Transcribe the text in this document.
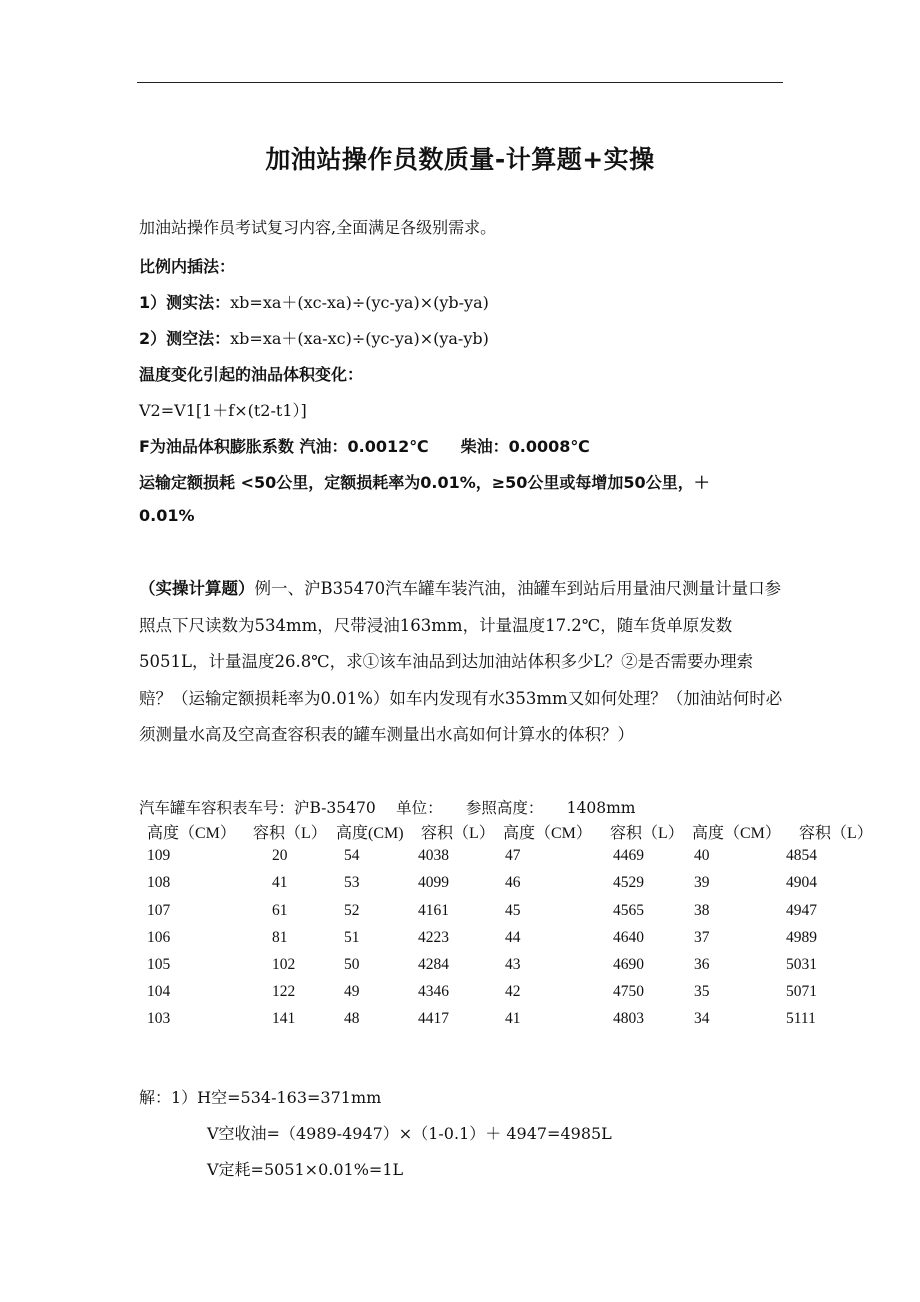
加油站操作员数质量-计算题+实操
加油站操作员考试复习内容,全面满足各级别需求。
比例内插法：
1）测实法：xb=xa＋(xc-xa)÷(yc-ya)×(yb-ya)
2）测空法：xb=xa＋(xa-xc)÷(yc-ya)×(ya-yb)
温度变化引起的油品体积变化：
V2=V1[1＋f×(t2-t1）]
F为油品体积膨胀系数 汽油：0.0012℃　　柴油：0.0008℃
运输定额损耗 <50公里，定额损耗率为0.01%，≥50公里或每增加50公里，＋
0.01%
（实操计算题）例一、沪B35470汽车罐车装汽油，油罐车到站后用量油尺测量计量口参照点下尺读数为534mm，尺带浸油163mm，计量温度17.2℃，随车货单原发数5051L，计量温度26.8℃，求①该车油品到达加油站体积多少L？②是否需要办理索赔？（运输定额损耗率为0.01%）如车内发现有水353mm又如何处理？（加油站何时必须测量水高及空高查容积表的罐车测量出水高如何计算水的体积？）
汽车罐车容积表车号：沪B-35470　 单位：　　参照高度：　　1408mm
高度（CM） 容积（L） 高度(CM) 容积（L） 高度（CM） 容积（L） 高度（CM） 容积（L）
109	20	54	4038	47	4469	40	4854
108	41	53	4099	46	4529	39	4904
107	61	52	4161	45	4565	38	4947
106	81	51	4223	44	4640	37	4989
105	102	50	4284	43	4690	36	5031
104	122	49	4346	42	4750	35	5071
103	141	48	4417	41	4803	34	5111
解：1）H空=534-163=371mm
V空收油=（4989-4947）×（1-0.1）＋ 4947=4985L
V定耗=5051×0.01%=1L
